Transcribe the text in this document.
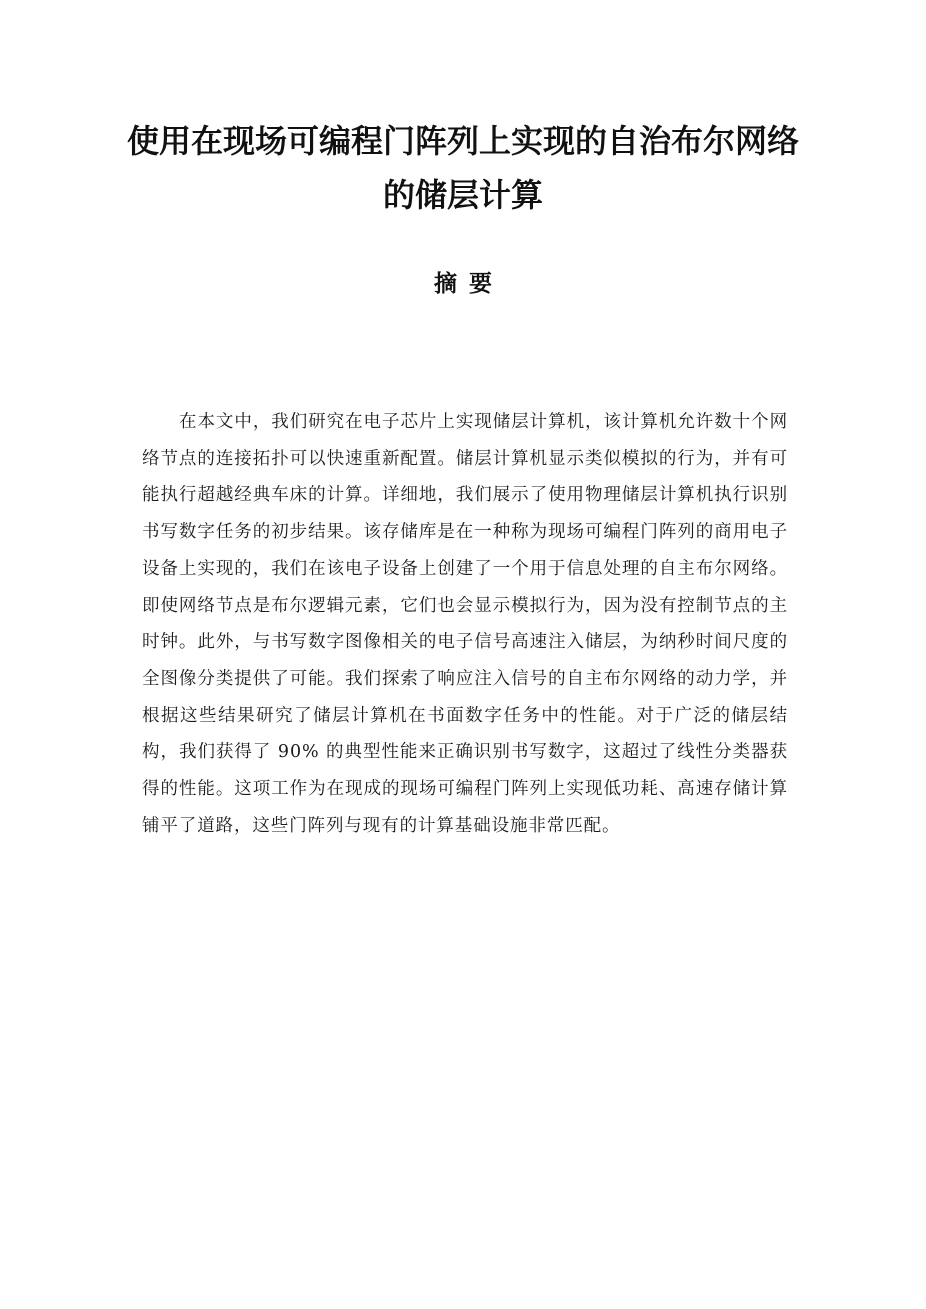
使用在现场可编程门阵列上实现的自治布尔网络的储层计算
摘要

在本文中，我们研究在电子芯片上实现储层计算机，该计算机允许数十个网络节点的连接拓扑可以快速重新配置。储层计算机显示类似模拟的行为，并有可能执行超越经典车床的计算。详细地，我们展示了使用物理储层计算机执行识别书写数字任务的初步结果。该存储库是在一种称为现场可编程门阵列的商用电子设备上实现的，我们在该电子设备上创建了一个用于信息处理的自主布尔网络。即使网络节点是布尔逻辑元素，它们也会显示模拟行为，因为没有控制节点的主时钟。此外，与书写数字图像相关的电子信号高速注入储层，为纳秒时间尺度的全图像分类提供了可能。我们探索了响应注入信号的自主布尔网络的动力学，并根据这些结果研究了储层计算机在书面数字任务中的性能。对于广泛的储层结构，我们获得了 90% 的典型性能来正确识别书写数字，这超过了线性分类器获得的性能。这项工作为在现成的现场可编程门阵列上实现低功耗、高速存储计算铺平了道路，这些门阵列与现有的计算基础设施非常匹配。
